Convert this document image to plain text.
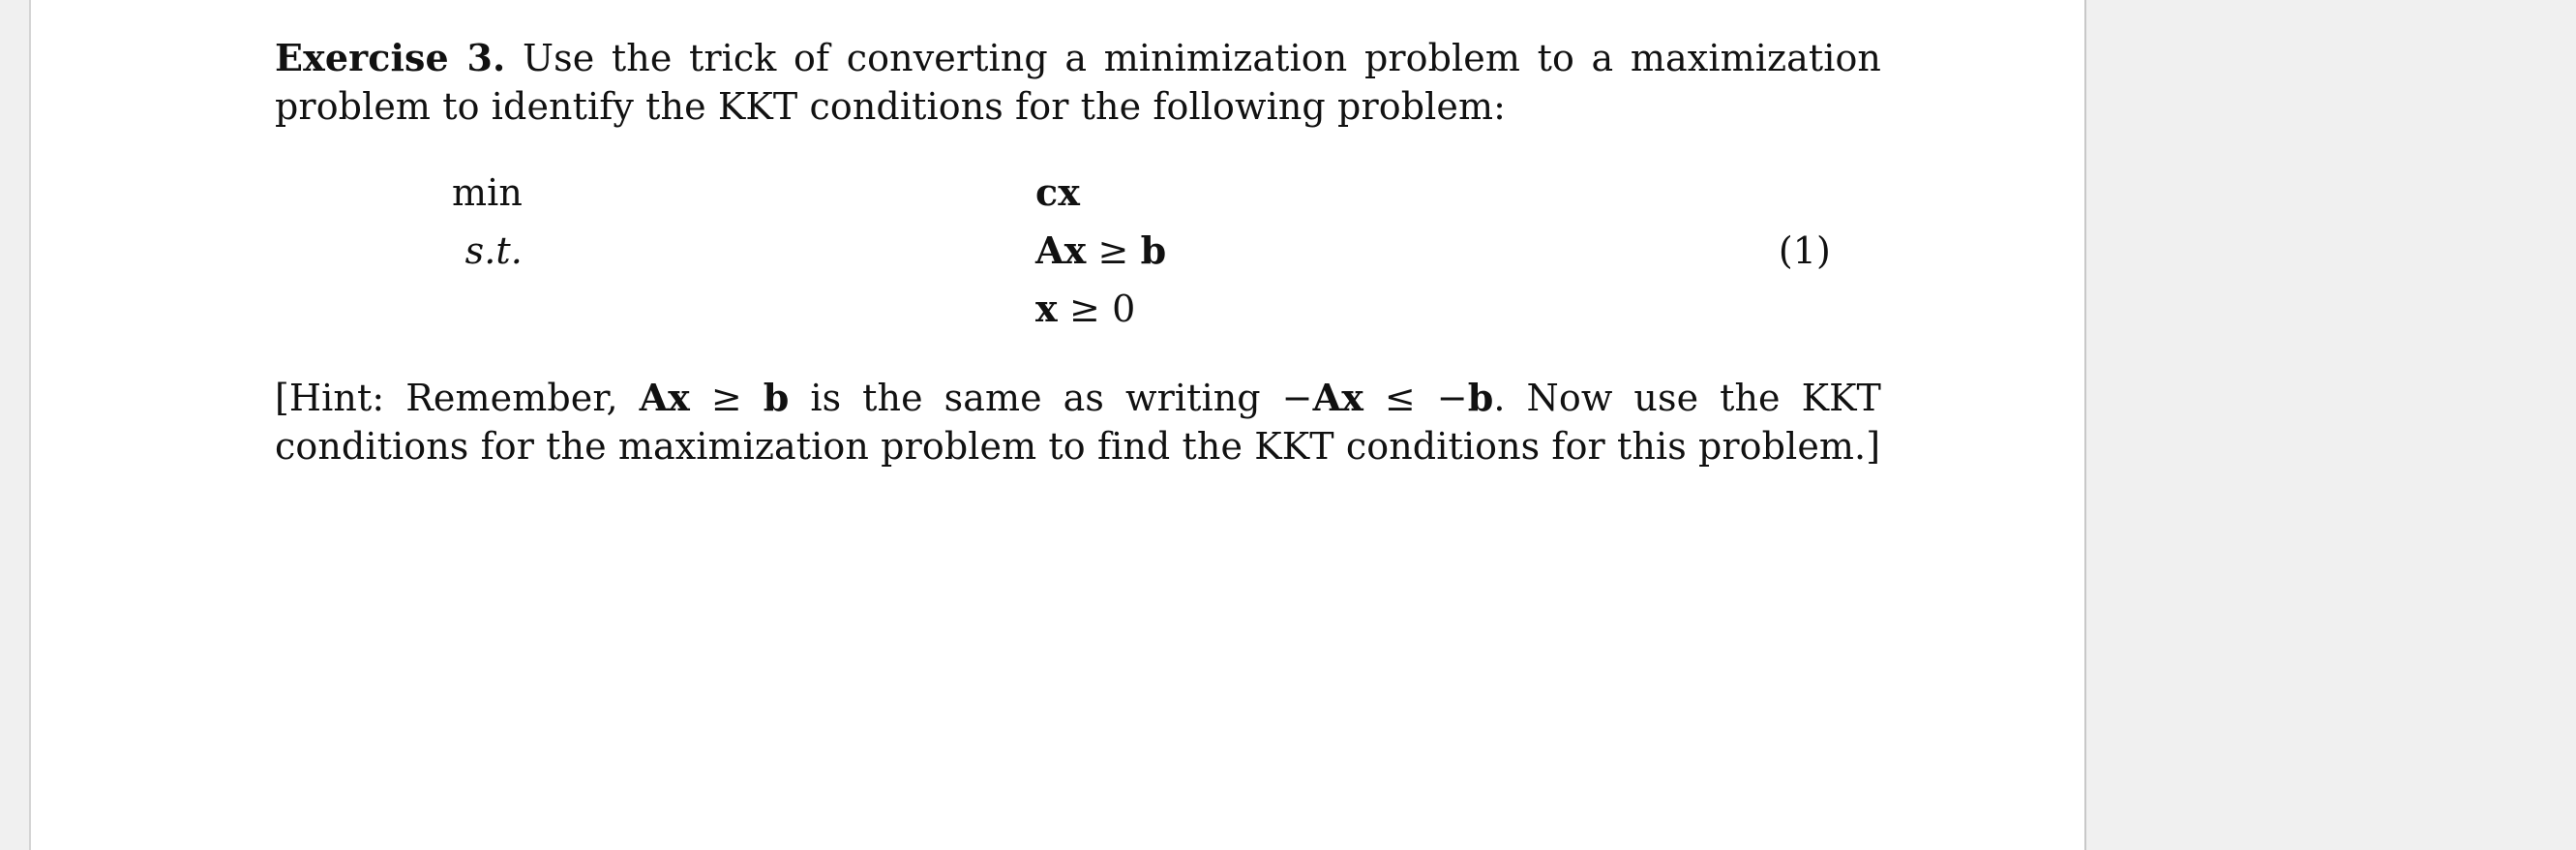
Exercise 3. Use the trick of converting a minimization problem to a maximization problem to identify the KKT conditions for the following problem:
min	cx
s.t.	Ax ≥ b
x ≥ 0
(1)
[Hint: Remember, Ax ≥ b is the same as writing −Ax ≤ −b. Now use the KKT conditions for the maximization problem to find the KKT conditions for this problem.]
